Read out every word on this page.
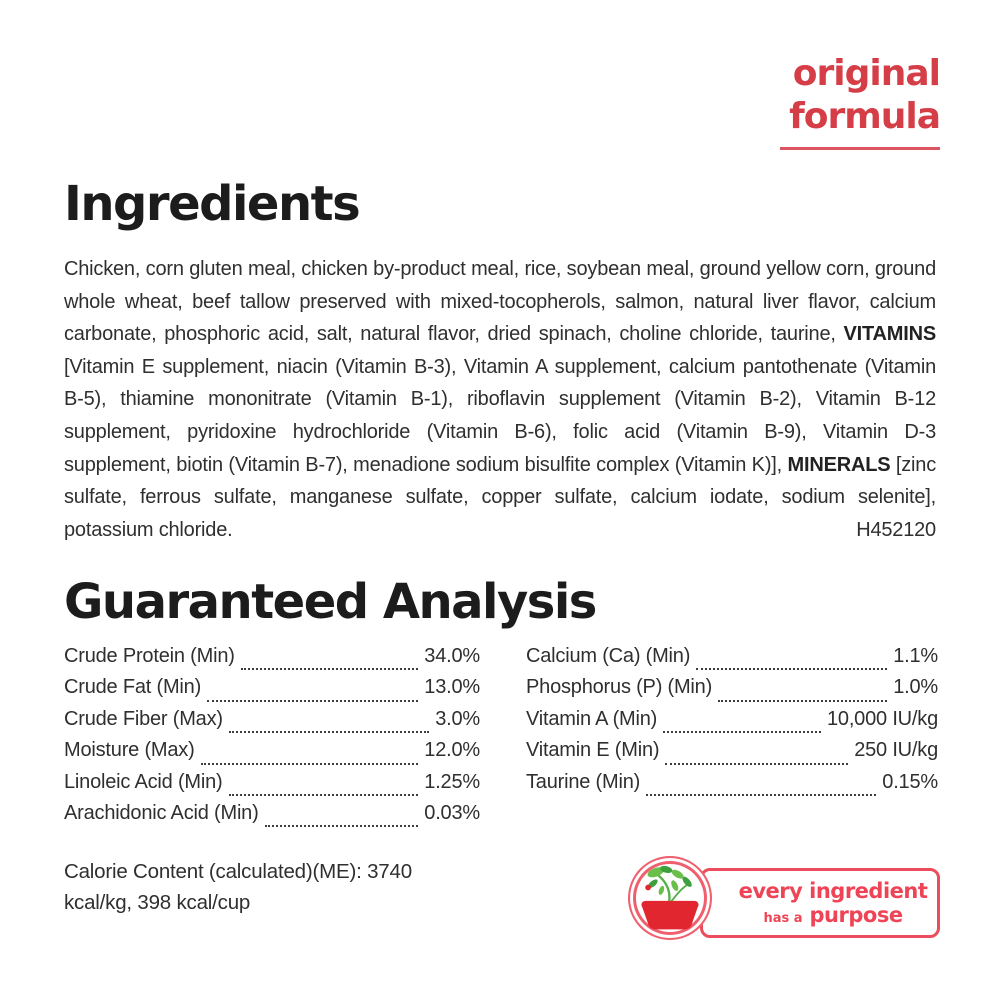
original
formula
Ingredients

Chicken, corn gluten meal, chicken by-product meal, rice, soybean meal, ground yellow corn, ground whole wheat, beef tallow preserved with mixed-tocopherols, salmon, natural liver flavor, calcium carbonate, phosphoric acid, salt, natural flavor, dried spinach, choline chloride, taurine, VITAMINS [Vitamin E supplement, niacin (Vitamin B-3), Vitamin A supplement, calcium pantothenate (Vitamin B-5), thiamine mononitrate (Vitamin B-1), riboflavin supplement (Vitamin B-2), Vitamin B-12 supplement, pyridoxine hydrochloride (Vitamin B-6), folic acid (Vitamin B-9), Vitamin D-3 supplement, biotin (Vitamin B-7), menadione sodium bisulfite complex (Vitamin K)], MINERALS [zinc sulfate, ferrous sulfate, manganese sulfate, copper sulfate, calcium iodate, sodium selenite], potassium chloride.	H452120

Guaranteed Analysis
Crude Protein (Min)	34.0%
Crude Fat (Min)	13.0%
Crude Fiber (Max)	3.0%
Moisture (Max)	12.0%
Linoleic Acid (Min)	1.25%
Arachidonic Acid (Min)	0.03%
Calcium (Ca) (Min)	1.1%
Phosphorus (P) (Min)	1.0%
Vitamin A (Min)	10,000 IU/kg
Vitamin E (Min)	250 IU/kg
Taurine (Min)	0.15%

Calorie Content (calculated)(ME): 3740 kcal/kg, 398 kcal/cup	every ingredient
has a purpose
